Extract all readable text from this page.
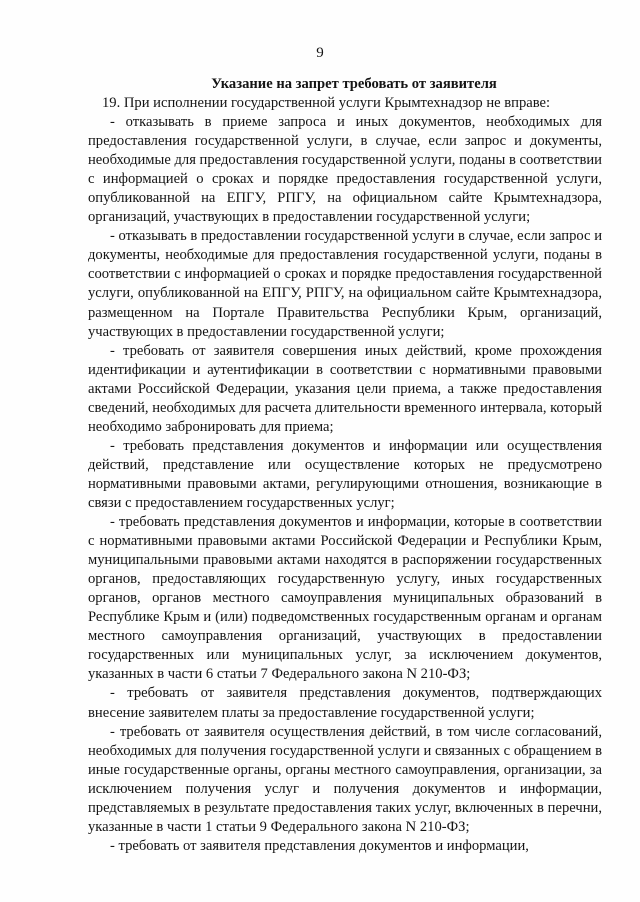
9

Указание на запрет требовать от заявителя

19. При исполнении государственной услуги Крымтехнадзор не вправе:

- отказывать в приеме запроса и иных документов, необходимых для предоставления государственной услуги, в случае, если запрос и документы, необходимые для предоставления государственной услуги, поданы в соответствии с информацией о сроках и порядке предоставления государственной услуги, опубликованной на ЕПГУ, РПГУ, на официальном сайте Крымтехнадзора, организаций, участвующих в предоставлении государственной услуги;

- отказывать в предоставлении государственной услуги в случае, если запрос и документы, необходимые для предоставления государственной услуги, поданы в соответствии с информацией о сроках и порядке предоставления государственной услуги, опубликованной на ЕПГУ, РПГУ, на официальном сайте Крымтехнадзора, размещенном на Портале Правительства Республики Крым, организаций, участвующих в предоставлении государственной услуги;

- требовать от заявителя совершения иных действий, кроме прохождения идентификации и аутентификации в соответствии с нормативными правовыми актами Российской Федерации, указания цели приема, а также предоставления сведений, необходимых для расчета длительности временного интервала, который необходимо забронировать для приема;

- требовать представления документов и информации или осуществления действий, представление или осуществление которых не предусмотрено нормативными правовыми актами, регулирующими отношения, возникающие в связи с предоставлением государственных услуг;

- требовать представления документов и информации, которые в соответствии с нормативными правовыми актами Российской Федерации и Республики Крым, муниципальными правовыми актами находятся в распоряжении государственных органов, предоставляющих государственную услугу, иных государственных органов, органов местного самоуправления муниципальных образований в Республике Крым и (или) подведомственных государственным органам и органам местного самоуправления организаций, участвующих в предоставлении государственных или муниципальных услуг, за исключением документов, указанных в части 6 статьи 7 Федерального закона N 210-ФЗ;

- требовать от заявителя представления документов, подтверждающих внесение заявителем платы за предоставление государственной услуги;

- требовать от заявителя осуществления действий, в том числе согласований, необходимых для получения государственной услуги и связанных с обращением в иные государственные органы, органы местного самоуправления, организации, за исключением получения услуг и получения документов и информации, представляемых в результате предоставления таких услуг, включенных в перечни, указанные в части 1 статьи 9 Федерального закона N 210-ФЗ;

- требовать от заявителя представления документов и информации,
